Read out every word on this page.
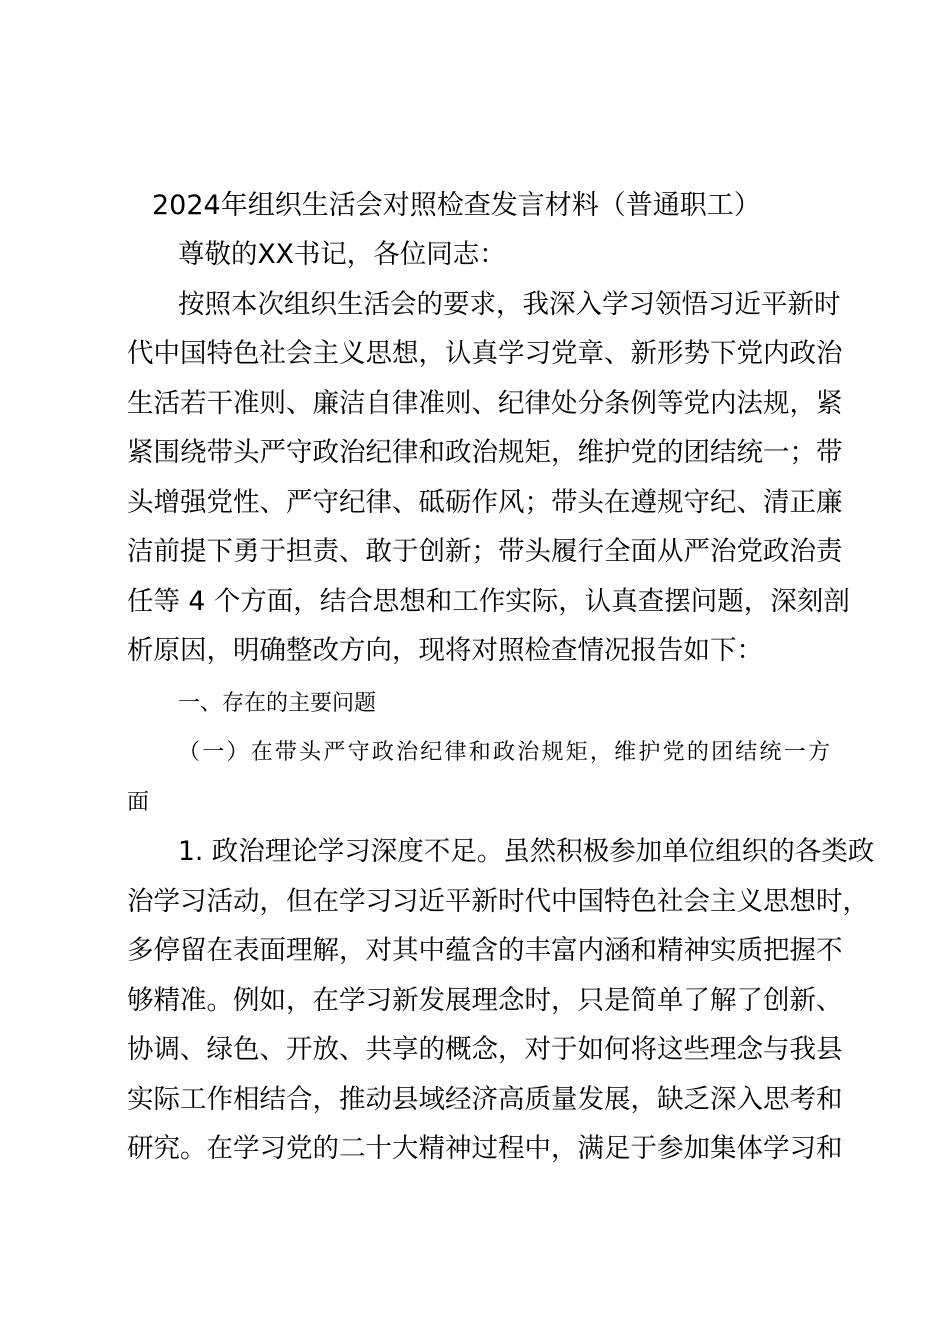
2024年组织生活会对照检查发言材料（普通职工）
尊敬的XX书记，各位同志：
按照本次组织生活会的要求，我深入学习领悟习近平新时
代中国特色社会主义思想，认真学习党章、新形势下党内政治
生活若干准则、廉洁自律准则、纪律处分条例等党内法规，紧
紧围绕带头严守政治纪律和政治规矩，维护党的团结统一；带
头增强党性、严守纪律、砥砺作风；带头在遵规守纪、清正廉
洁前提下勇于担责、敢于创新；带头履行全面从严治党政治责
任等 4 个方面，结合思想和工作实际，认真查摆问题，深刻剖
析原因，明确整改方向，现将对照检查情况报告如下：
一、存在的主要问题
（一）在带头严守政治纪律和政治规矩，维护党的团结统一方
面
1. 政治理论学习深度不足。虽然积极参加单位组织的各类政
治学习活动，但在学习习近平新时代中国特色社会主义思想时，
多停留在表面理解，对其中蕴含的丰富内涵和精神实质把握不
够精准。例如，在学习新发展理念时，只是简单了解了创新、
协调、绿色、开放、共享的概念，对于如何将这些理念与我县
实际工作相结合，推动县域经济高质量发展，缺乏深入思考和
研究。在学习党的二十大精神过程中，满足于参加集体学习和
